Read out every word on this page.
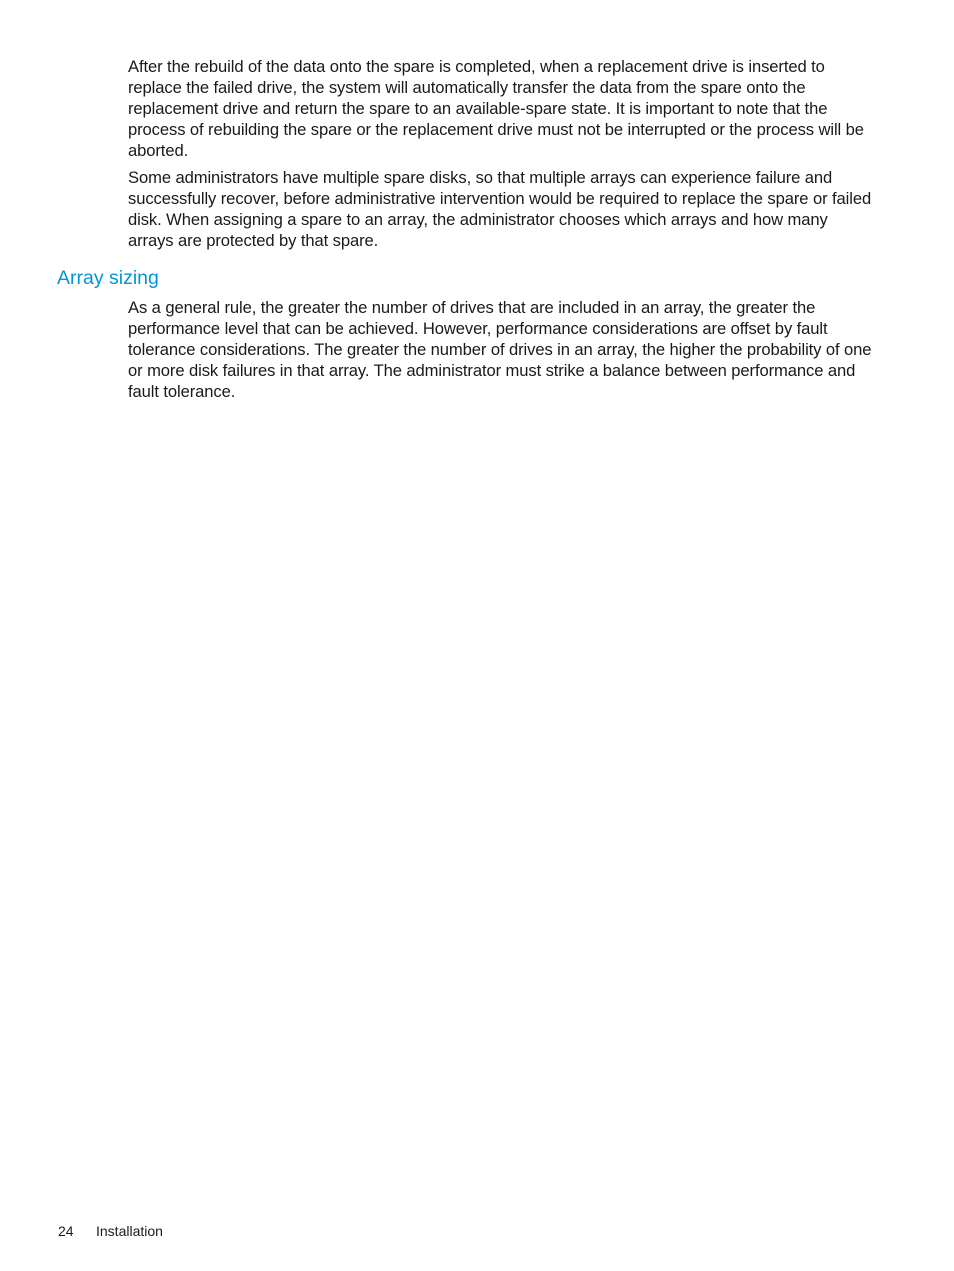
After the rebuild of the data onto the spare is completed, when a replacement drive is inserted to replace the failed drive, the system will automatically transfer the data from the spare onto the replacement drive and return the spare to an available-spare state. It is important to note that the process of rebuilding the spare or the replacement drive must not be interrupted or the process will be aborted.

Some administrators have multiple spare disks, so that multiple arrays can experience failure and successfully recover, before administrative intervention would be required to replace the spare or failed disk. When assigning a spare to an array, the administrator chooses which arrays and how many arrays are protected by that spare.

Array sizing

As a general rule, the greater the number of drives that are included in an array, the greater the performance level that can be achieved. However, performance considerations are offset by fault tolerance considerations. The greater the number of drives in an array, the higher the probability of one or more disk failures in that array. The administrator must strike a balance between performance and fault tolerance.

24 Installation
